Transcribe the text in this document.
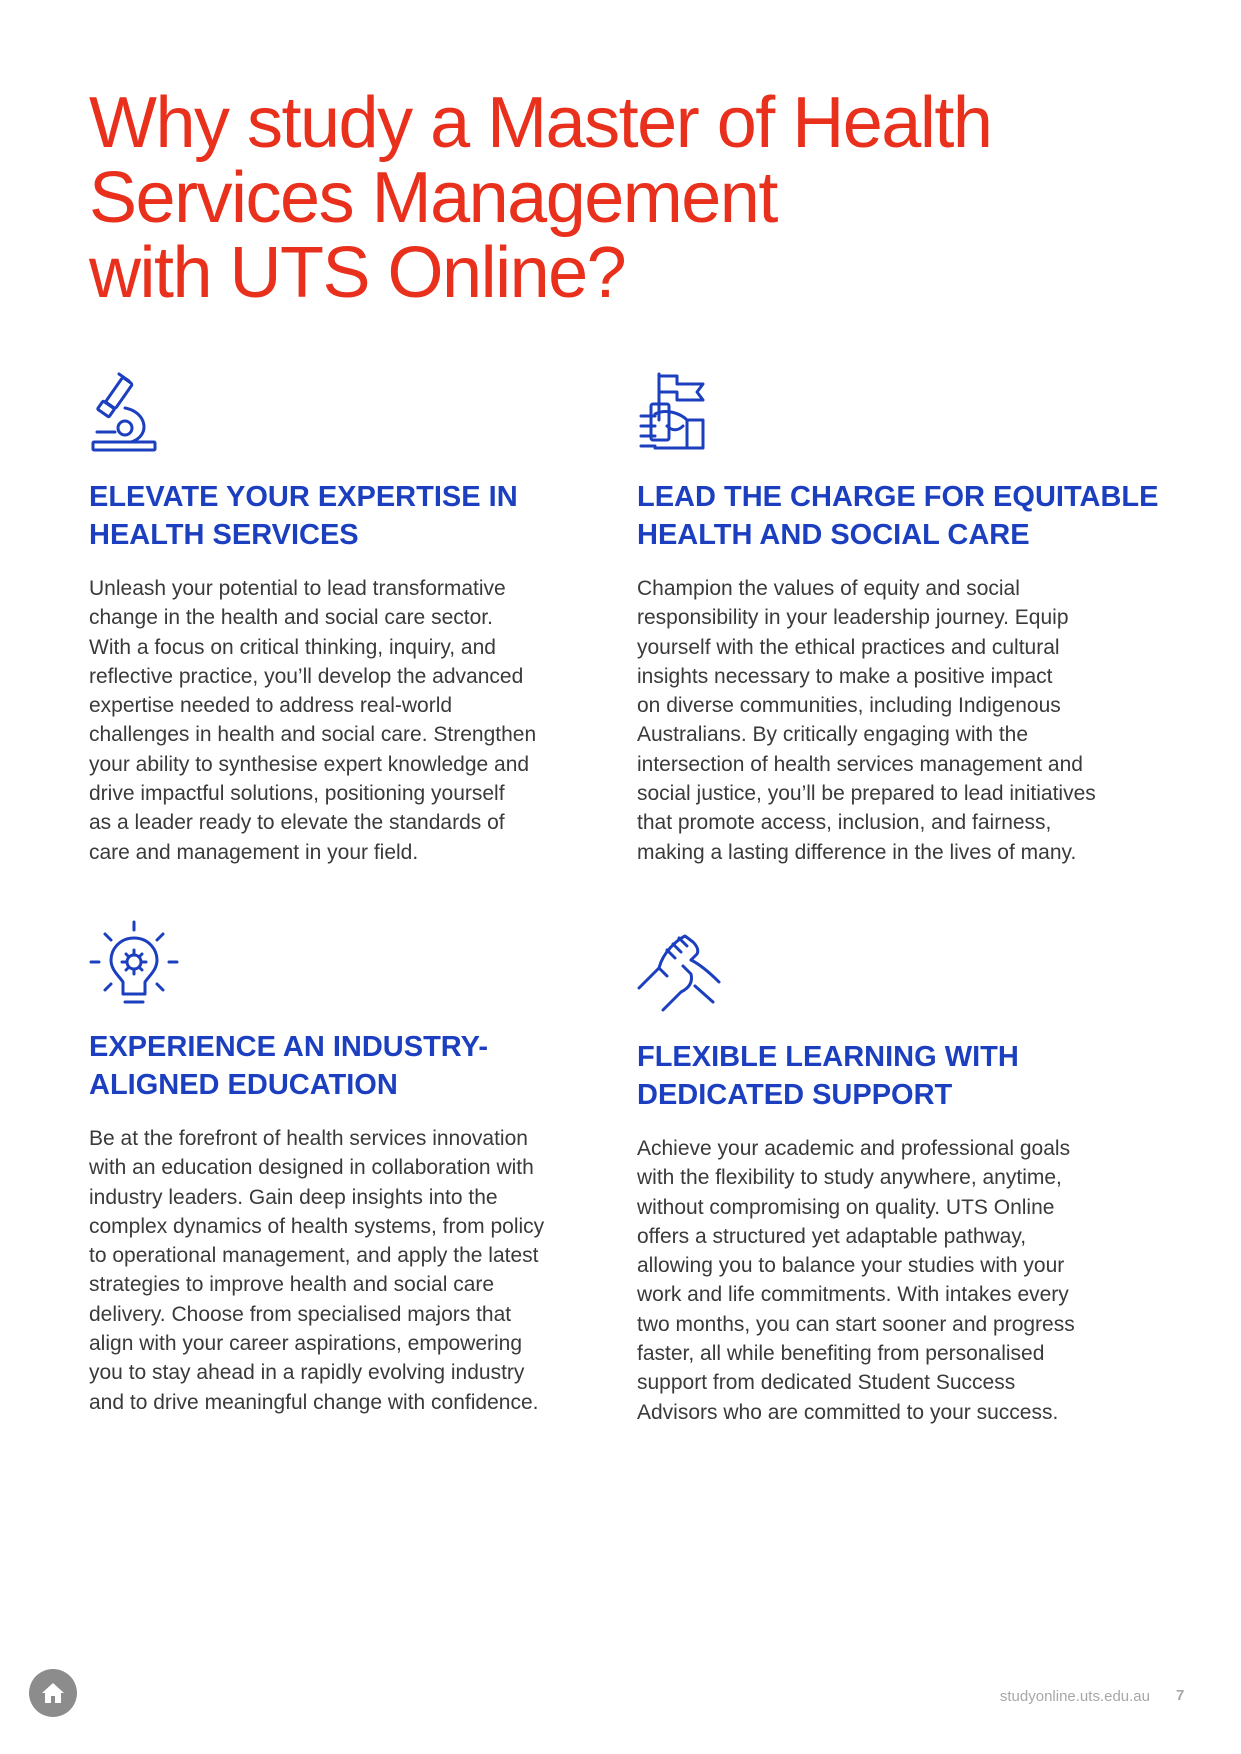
Why study a Master of Health
Services Management
with UTS Online?
ELEVATE YOUR EXPERTISE IN
HEALTH SERVICES

Unleash your potential to lead transformative
change in the health and social care sector.
With a focus on critical thinking, inquiry, and
reflective practice, you’ll develop the advanced
expertise needed to address real-world
challenges in health and social care. Strengthen
your ability to synthesise expert knowledge and
drive impactful solutions, positioning yourself
as a leader ready to elevate the standards of
care and management in your field.

LEAD THE CHARGE FOR EQUITABLE
HEALTH AND SOCIAL CARE

Champion the values of equity and social
responsibility in your leadership journey. Equip
yourself with the ethical practices and cultural
insights necessary to make a positive impact
on diverse communities, including Indigenous
Australians. By critically engaging with the
intersection of health services management and
social justice, you’ll be prepared to lead initiatives
that promote access, inclusion, and fairness,
making a lasting difference in the lives of many.

EXPERIENCE AN INDUSTRY-
ALIGNED EDUCATION

Be at the forefront of health services innovation
with an education designed in collaboration with
industry leaders. Gain deep insights into the
complex dynamics of health systems, from policy
to operational management, and apply the latest
strategies to improve health and social care
delivery. Choose from specialised majors that
align with your career aspirations, empowering
you to stay ahead in a rapidly evolving industry
and to drive meaningful change with confidence.

FLEXIBLE LEARNING WITH
DEDICATED SUPPORT

Achieve your academic and professional goals
with the flexibility to study anywhere, anytime,
without compromising on quality. UTS Online
offers a structured yet adaptable pathway,
allowing you to balance your studies with your
work and life commitments. With intakes every
two months, you can start sooner and progress
faster, all while benefiting from personalised
support from dedicated Student Success
Advisors who are committed to your success.

studyonline.uts.edu.au 7
